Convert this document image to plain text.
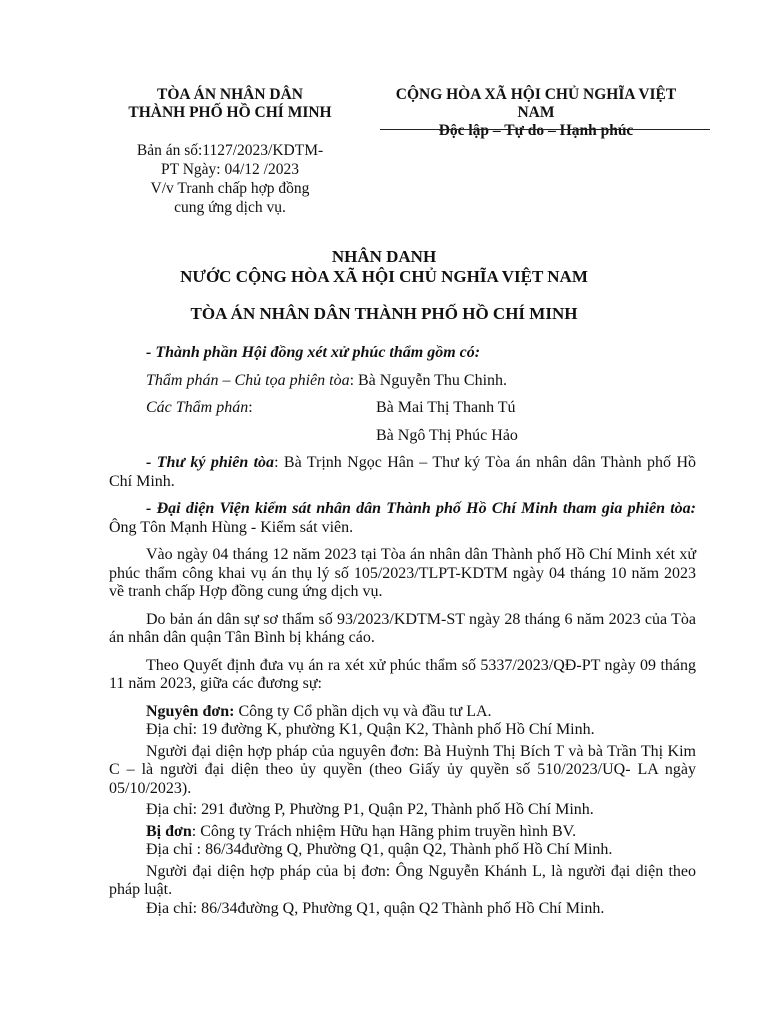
TÒA ÁN NHÂN DÂN
THÀNH PHỐ HỒ CHÍ MINH
CỘNG HÒA XÃ HỘI CHỦ NGHĨA VIỆT NAM
Độc lập – Tự do – Hạnh phúc
Bản án số:1127/2023/KDTM-
PT Ngày: 04/12 /2023
V/v Tranh chấp hợp đồng
cung ứng dịch vụ.
NHÂN DANH
NƯỚC CỘNG HÒA XÃ HỘI CHỦ NGHĨA VIỆT NAM
TÒA ÁN NHÂN DÂN THÀNH PHỐ HỒ CHÍ MINH

- Thành phần Hội đồng xét xử phúc thẩm gồm có:

Thẩm phán – Chủ tọa phiên tòa: Bà Nguyễn Thu Chinh.

Các Thẩm phán:	Bà Mai Thị Thanh Tú
Bà Ngô Thị Phúc Hảo

- Thư ký phiên tòa: Bà Trịnh Ngọc Hân – Thư ký Tòa án nhân dân Thành phố Hồ Chí Minh.

- Đại diện Viện kiểm sát nhân dân Thành phố Hồ Chí Minh tham gia phiên tòa: Ông Tôn Mạnh Hùng - Kiểm sát viên.

Vào ngày 04 tháng 12 năm 2023 tại Tòa án nhân dân Thành phố Hồ Chí Minh xét xử phúc thẩm công khai vụ án thụ lý số 105/2023/TLPT-KDTM ngày 04 tháng 10 năm 2023 về tranh chấp Hợp đồng cung ứng dịch vụ.

Do bản án dân sự sơ thẩm số 93/2023/KDTM-ST ngày 28 tháng 6 năm 2023 của Tòa án nhân dân quận Tân Bình bị kháng cáo.

Theo Quyết định đưa vụ án ra xét xử phúc thẩm số 5337/2023/QĐ-PT ngày 09 tháng 11 năm 2023, giữa các đương sự:

Nguyên đơn: Công ty Cổ phần dịch vụ và đầu tư LA.

Địa chỉ: 19 đường K, phường K1, Quận K2, Thành phố Hồ Chí Minh.

Người đại diện hợp pháp của nguyên đơn: Bà Huỳnh Thị Bích T và bà Trần Thị Kim C – là người đại diện theo ủy quyền (theo Giấy ủy quyền số 510/2023/UQ- LA ngày 05/10/2023).

Địa chỉ: 291 đường P, Phường P1, Quận P2, Thành phố Hồ Chí Minh.

Bị đơn: Công ty Trách nhiệm Hữu hạn Hãng phim truyền hình BV.

Địa chỉ : 86/34đường Q, Phường Q1, quận Q2, Thành phố Hồ Chí Minh.

Người đại diện hợp pháp của bị đơn: Ông Nguyễn Khánh L, là người đại diện theo pháp luật.

Địa chỉ: 86/34đường Q, Phường Q1, quận Q2 Thành phố Hồ Chí Minh.
